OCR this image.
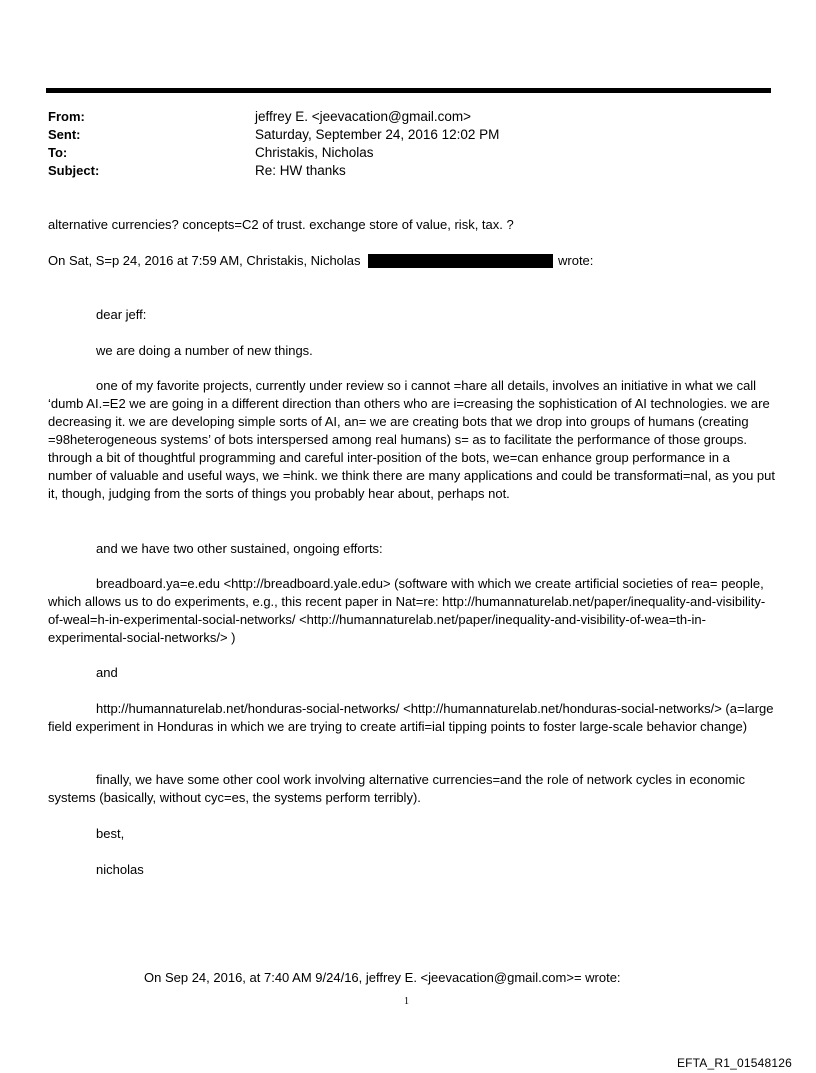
From:	jeffrey E. <jeevacation@gmail.com>
Sent:	Saturday, September 24, 2016 12:02 PM
To:	Christakis, Nicholas
Subject:	Re: HW thanks
alternative currencies? concepts=C2 of trust. exchange store of value, risk, tax. ?
On Sat, S=p 24, 2016 at 7:59 AM, Christakis, Nicholas	wrote:
dear jeff:
we are doing a number of new things.
one of my favorite projects, currently under review so i cannot =hare all details, involves an initiative in what we call ‘dumb AI.=E2 we are going in a different direction than others who are i=creasing the sophistication of AI technologies. we are decreasing it. we are developing simple sorts of AI, an= we are creating bots that we drop into groups of humans (creating =98heterogeneous systems’ of bots interspersed among real humans) s= as to facilitate the performance of those groups. through a bit of thoughtful programming and careful inter-position of the bots, we=can enhance group performance in a number of valuable and useful ways, we =hink. we think there are many applications and could be transformati=nal, as you put it, though, judging from the sorts of things you probably hear about, perhaps not.
and we have two other sustained, ongoing efforts:
breadboard.ya=e.edu <http://breadboard.yale.edu> (software with which we create artificial societies of rea= people, which allows us to do experiments, e.g., this recent paper in Nat=re: http://humannaturelab.net/paper/inequality-and-visibility-of-weal=h-in-experimental-social-networks/ <http://humannaturelab.net/paper/inequality-and-visibility-of-wea=th-in-experimental-social-networks/> )
and
http://humannaturelab.net/honduras-social-networks/ <http://humannaturelab.net/honduras-social-networks/> (a=large field experiment in Honduras in which we are trying to create artifi=ial tipping points to foster large-scale behavior change)
finally, we have some other cool work involving alternative currencies=and the role of network cycles in economic systems (basically, without cyc=es, the systems perform terribly).
best,
nicholas
On Sep 24, 2016, at 7:40 AM 9/24/16, jeffrey E. <jeevacation@gmail.com>= wrote:
1
EFTA_R1_01548126
